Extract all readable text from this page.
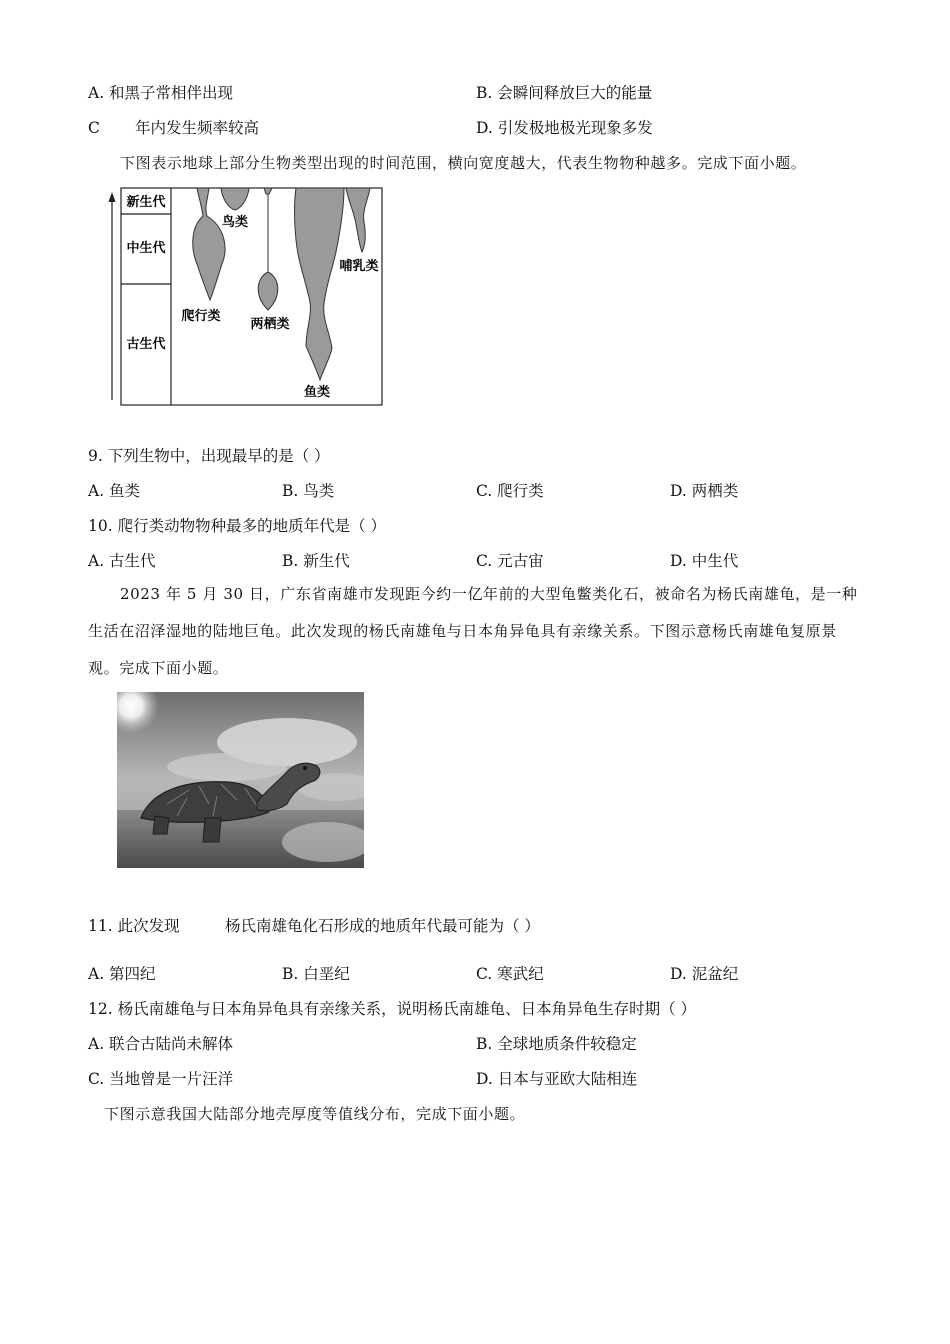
A. 和黑子常相伴出现	B. 会瞬间释放巨大的能量
C 年内发生频率较高	D. 引发极地极光现象多发
下图表示地球上部分生物类型出现的时间范围，横向宽度越大，代表生物物种越多。完成下面小题。
新生代
中生代
古生代
鸟类
哺乳类
爬行类
两栖类
鱼类
9. 下列生物中，出现最早的是（ ）
A. 鱼类	B. 鸟类	C. 爬行类	D. 两栖类
10. 爬行类动物物种最多的地质年代是（ ）
A. 古生代	B. 新生代	C. 元古宙	D. 中生代
2023 年 5 月 30 日，广东省南雄市发现距今约一亿年前的大型龟鳖类化石，被命名为杨氏南雄龟，是一种生活在沼泽湿地的陆地巨龟。此次发现的杨氏南雄龟与日本角异龟具有亲缘关系。下图示意杨氏南雄龟复原景观。完成下面小题。
11. 此次发现	杨氏南雄龟化石形成的地质年代最可能为（ ）
A. 第四纪	B. 白垩纪	C. 寒武纪	D. 泥盆纪
12. 杨氏南雄龟与日本角异龟具有亲缘关系，说明杨氏南雄龟、日本角异龟生存时期（ ）
A. 联合古陆尚未解体	B. 全球地质条件较稳定
C. 当地曾是一片汪洋	D. 日本与亚欧大陆相连
下图示意我国大陆部分地壳厚度等值线分布，完成下面小题。
